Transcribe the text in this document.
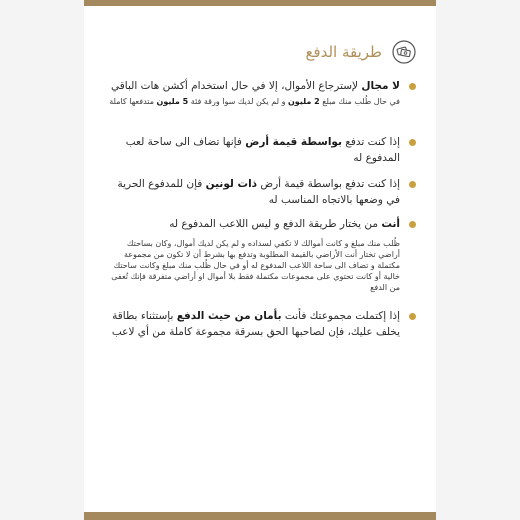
طريقة الدفع
لا مجال لإسترجاع الأموال، إلا في حال استخدام أكشن هات الباقي
في حال طُلب منك مبلغ 2 مليون و لم يكن لديك سوا ورقة فئة 5 مليون متدفعها كاملة
إذا كنت تدفع بواسطة قيمة أرض فإنها تضاف الى ساحة لعب المدفوع له
إذا كنت تدفع بواسطة قيمة أرض ذات لونين فإن للمدفوع الحرية في وضعها بالاتجاه المناسب له
أنت من يختار طريقة الدفع و ليس اللاعب المدفوع له
ظُلب منك مبلغ و كانت أموالك لا تكفي لسداده و لم يكن لديك أموال، وكان بساحتك أراضي تختار أنت الأراضي بالقيمة المطلوبة وتدفع بها بشرط أن لا تكون من مجموعة مكتملة و تضاف الى ساحة اللاعب المدفوع له أو في حال ظُلب منك مبلغ وكانت ساحتك خالية أو كانت تحتوي على مجموعات مكتملة فقط بلا أموال او أراضي متفرقة فإنك تُعفى من الدفع
إذا إكتملت مجموعتك فأنت بأمان من حيث الدفع بإستثناء بطاقة يخلف عليك، فإن لصاحبها الحق بسرقة مجموعة كاملة من أي لاعب
